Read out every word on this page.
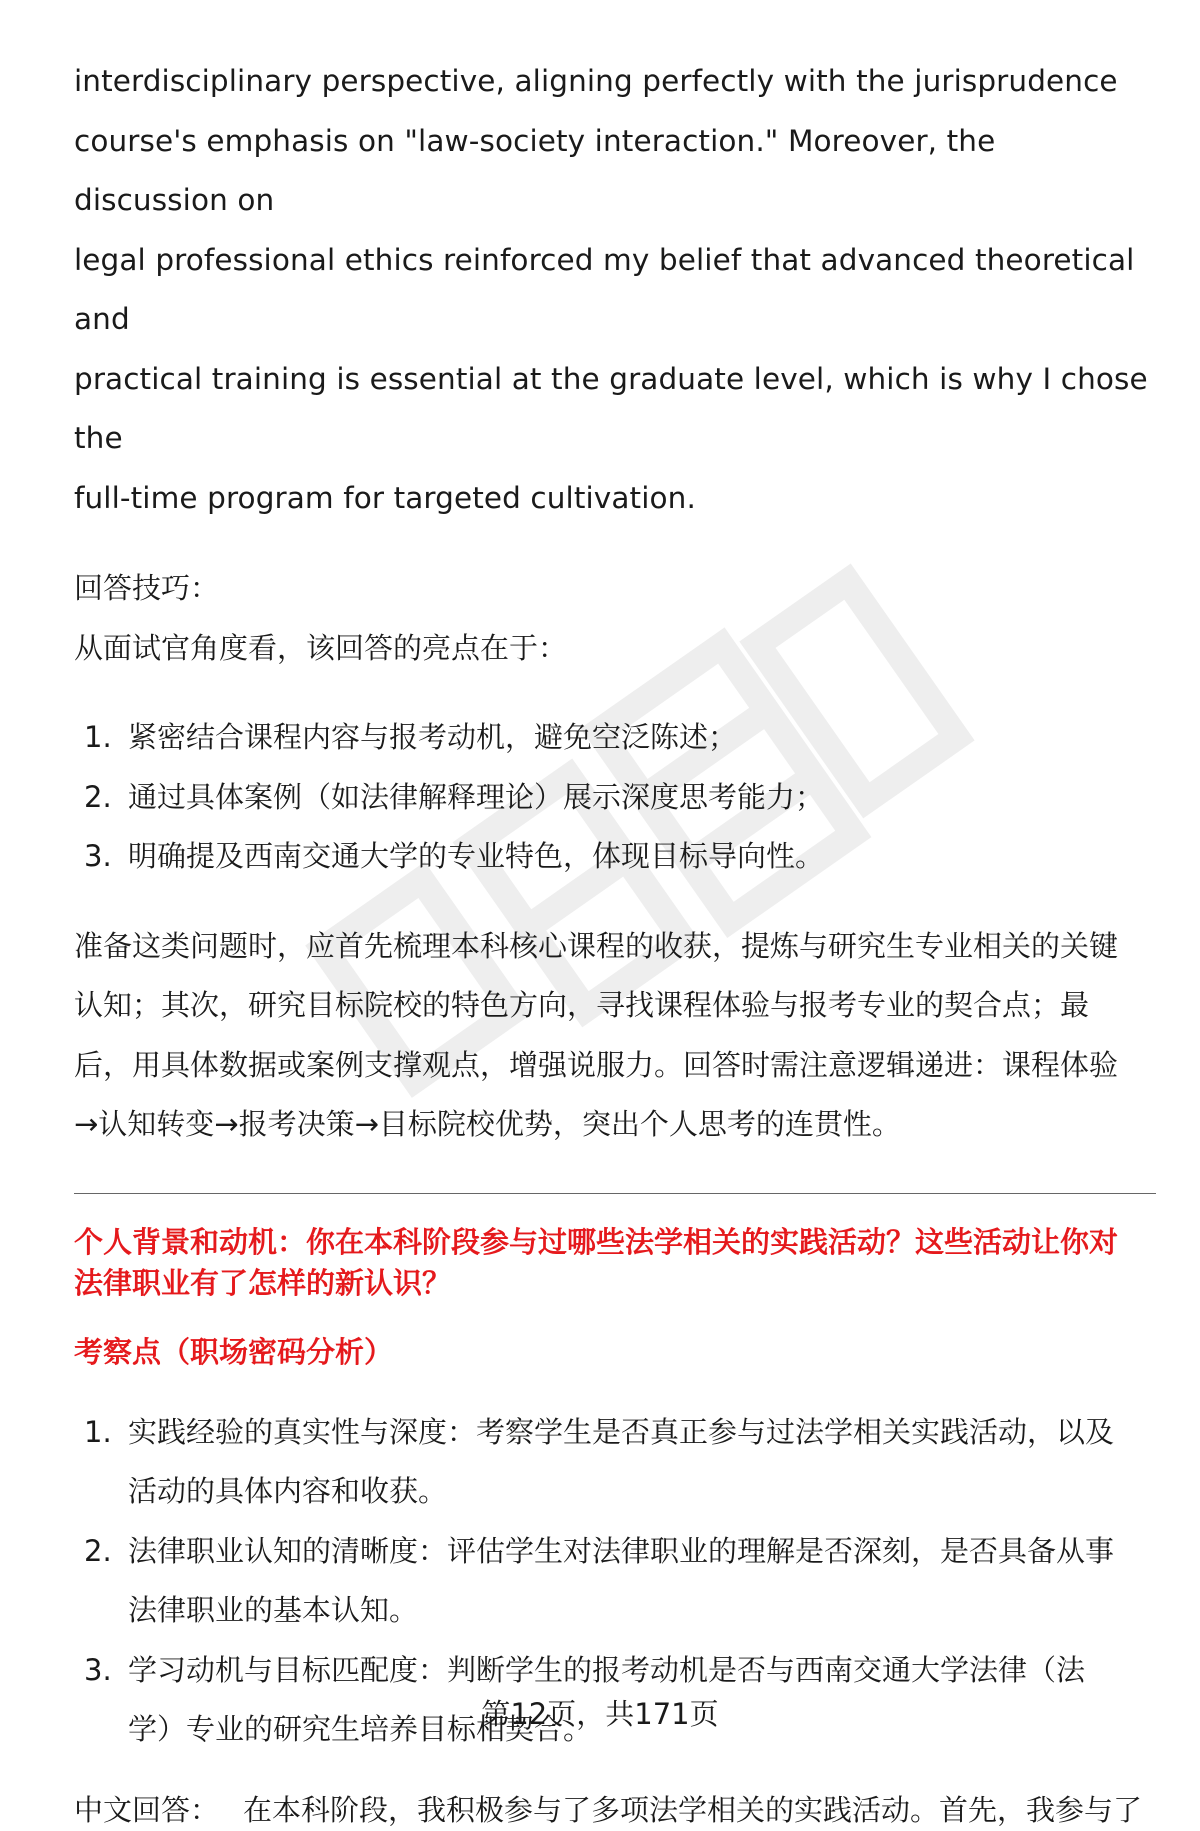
interdisciplinary perspective, aligning perfectly with the jurisprudence

course's emphasis on "law-society interaction." Moreover, the discussion on

legal professional ethics reinforced my belief that advanced theoretical and

practical training is essential at the graduate level, which is why I chose the

full-time program for targeted cultivation.

回答技巧：

从面试官角度看，该回答的亮点在于：

1. 紧密结合课程内容与报考动机，避免空泛陈述；
2. 通过具体案例（如法律解释理论）展示深度思考能力；
3. 明确提及西南交通大学的专业特色，体现目标导向性。

准备这类问题时，应首先梳理本科核心课程的收获，提炼与研究生专业相关的关键

认知；其次，研究目标院校的特色方向，寻找课程体验与报考专业的契合点；最

后，用具体数据或案例支撑观点，增强说服力。回答时需注意逻辑递进：课程体验

→认知转变→报考决策→目标院校优势，突出个人思考的连贯性。

个人背景和动机：你在本科阶段参与过哪些法学相关的实践活动？这些活动让你对
法律职业有了怎样的新认识？
考察点（职场密码分析）
1. 实践经验的真实性与深度：考察学生是否真正参与过法学相关实践活动，以及
活动的具体内容和收获。
2. 法律职业认知的清晰度：评估学生对法律职业的理解是否深刻，是否具备从事
法律职业的基本认知。
3. 学习动机与目标匹配度：判断学生的报考动机是否与西南交通大学法律（法
学）专业的研究生培养目标相契合。
中文回答： 在本科阶段，我积极参与了多项法学相关的实践活动。首先，我参与了
第12页，共171页
